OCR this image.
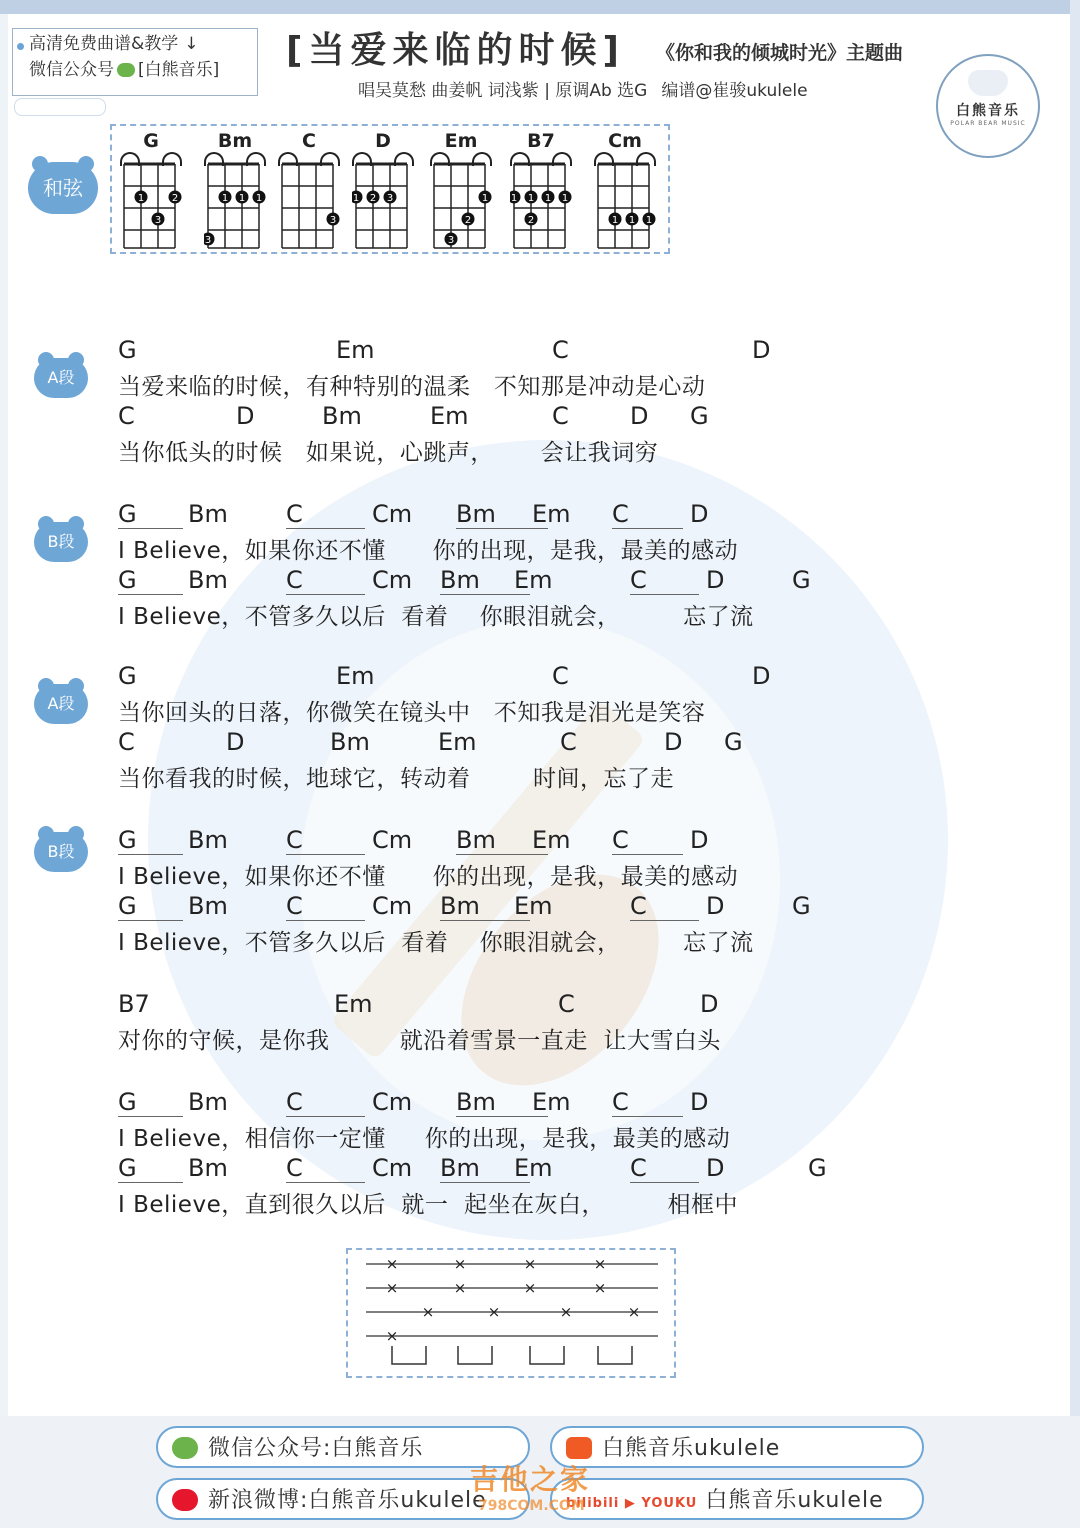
高清免费曲谱&教学 ↓
微信公众号 [白熊音乐]	[当爱来临的时候] 《你和我的倾城时光》主题曲
唱吴莫愁 曲姜帆 词浅紫 | 原调Ab 选G 编谱@崔骏ukulele
白熊音乐
POLAR BEAR MUSIC
和弦
G
1	2
3
Bm
1 1 1
3
C
3
D
1 2 3
Em
1
2
3
B7
1 1 1 1
2
Cm
1 1 1
A段
G	Em	C	D
当爱来临的时候，有种特别的温柔   不知那是冲动是心动
C	D	Bm	Em	C	D G
当你低头的时候   如果说，心跳声，      会让我词穷
B段
G	Bm C	Cm Bm	Em C	D
I Believe，如果你还不懂      你的出现，是我，最美的感动
G	Bm C	Cm Bm	Em	C	D	G
I Believe，不管多久以后  看着    你眼泪就会，        忘了流
A段
G	Em	C	D
当你回头的日落，你微笑在镜头中   不知我是泪光是笑容
C	D	Bm	Em	C	D G
当你看我的时候，地球它，转动着        时间，忘了走
B段	G	Bm C	Cm Bm	Em C	D
I Believe，如果你还不懂      你的出现，是我，最美的感动
G	Bm C	Cm Bm	Em	C	D	G
I Believe，不管多久以后  看着    你眼泪就会，        忘了流
B7	Em	C	D
对你的守候，是你我         就沿着雪景一直走  让大雪白头
G	Bm C	Cm Bm	Em C	D
I Believe，相信你一定懂     你的出现，是我，最美的感动
G	Bm C	Cm Bm	Em	C	D	G
I Believe，直到很久以后  就一  起坐在灰白，        相框中
×	×	×	×
×	×	×	×
×	×	×	×
×
微信公众号:白熊音乐	白熊音乐ukulele
新浪微博:白熊音乐ukulele	bilibili ▶ YOUKU 白熊音乐ukulele
吉他之家
798COM.COM
